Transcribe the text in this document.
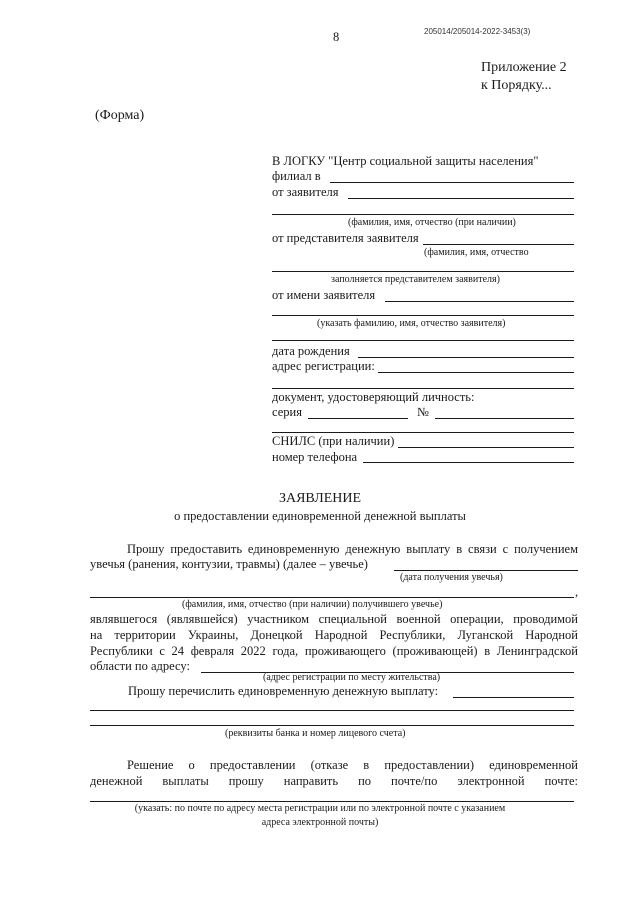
205014/205014-2022-3453(3)
8
Приложение 2
к Порядку...
(Форма)
В ЛОГКУ "Центр социальной защиты населения"
филиал в
от заявителя
(фамилия, имя, отчество (при наличии)
от представителя заявителя
(фамилия, имя, отчество
заполняется представителем заявителя)
от имени заявителя
(указать фамилию, имя, отчество заявителя)
дата рождения
адрес регистрации:
документ, удостоверяющий личность:
серия	№
СНИЛС (при наличии)
номер телефона
ЗАЯВЛЕНИЕ
о предоставлении единовременной денежной выплаты
Прошу предоставить единовременную денежную выплату в связи с получением
увечья (ранения, контузии, травмы) (далее – увечье)
(дата получения увечья)
,
(фамилия, имя, отчество (при наличии) получившего увечье)
являвшегося (являвшейся) участником специальной военной операции, проводимой
на территории Украины, Донецкой Народной Республики, Луганской Народной
Республики с 24 февраля 2022 года, проживающего (проживающей) в Ленинградской
области по адресу:
(адрес регистрации по месту жительства)
Прошу перечислить единовременную денежную выплату:
(реквизиты банка и номер лицевого счета)
Решение о предоставлении (отказе в предоставлении) единовременной
денежной выплаты прошу направить по почте/по электронной почте:
(указать: по почте по адресу места регистрации или по электронной почте с указанием
адреса электронной почты)
